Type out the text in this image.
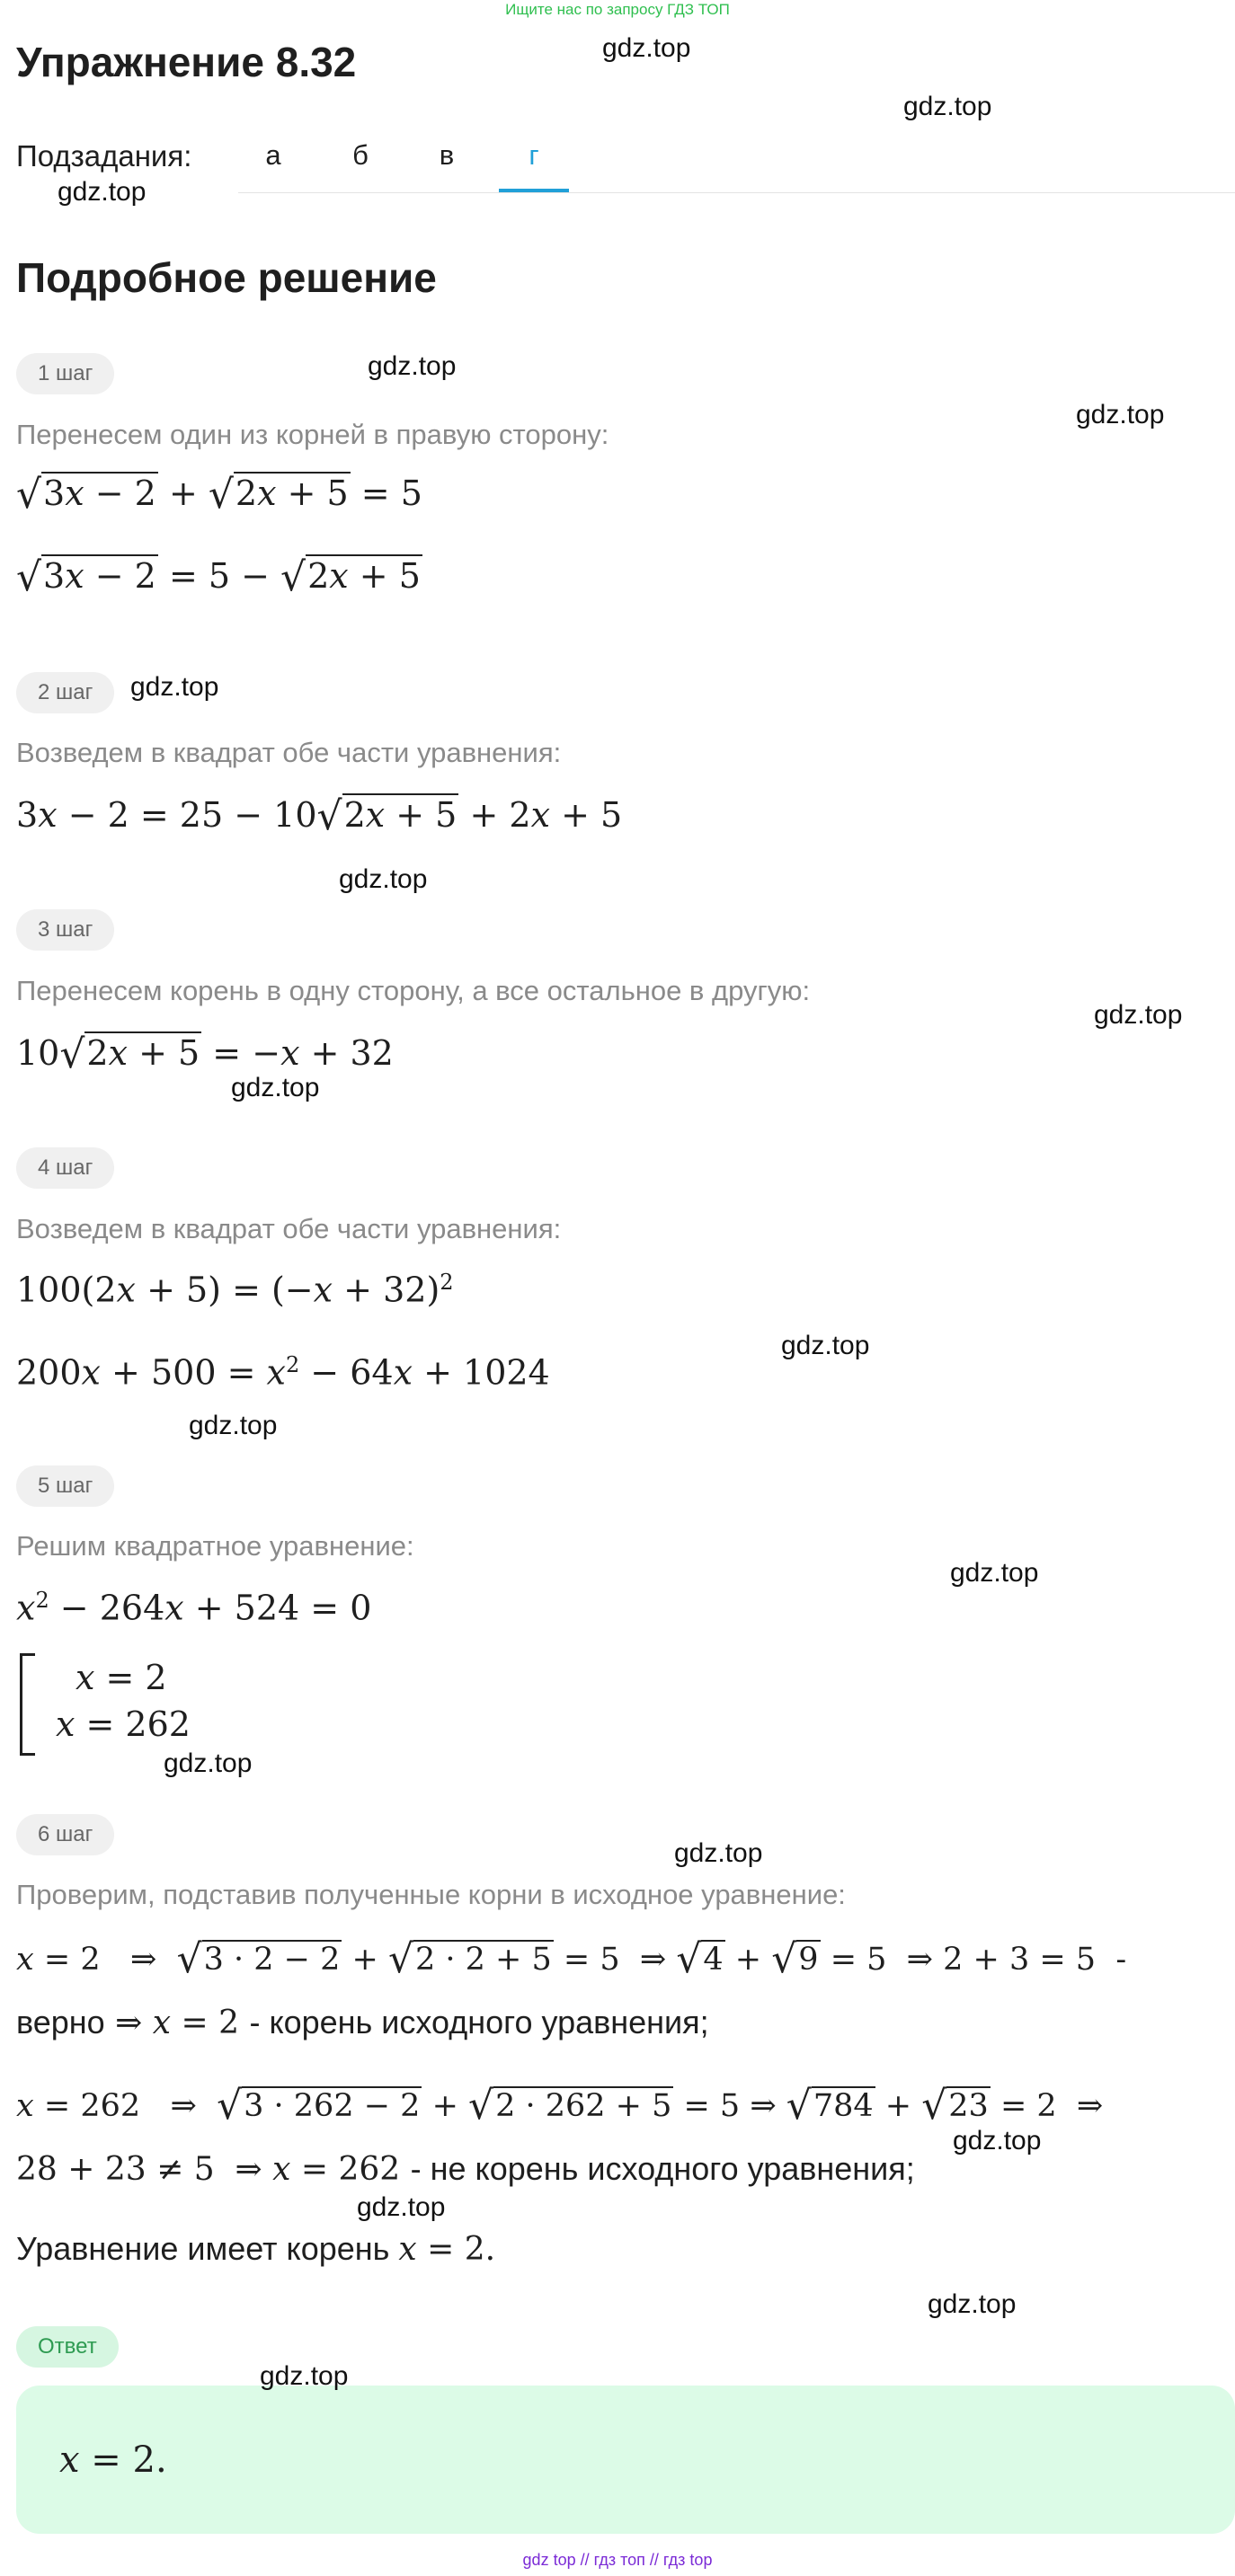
Ищите нас по запросу ГДЗ ТОП
Упражнение 8.32
Подзадания:	а	б	в	г
Подробное решение
1 шаг
Перенесем один из корней в правую сторону:
√3x − 2 + √2x + 5 = 5
√3x − 2 = 5 − √2x + 5
2 шаг
Возведем в квадрат обе части уравнения:
3x − 2 = 25 − 10√2x + 5 + 2x + 5
3 шаг
Перенесем корень в одну сторону, а все остальное в другую:
10√2x + 5 = −x + 32
4 шаг
Возведем в квадрат обе части уравнения:
$100(2x + 5) = (-x + 32)^2$
$200x + 500 = x^2 - 64x + 1024$
5 шаг
Решим квадратное уравнение:
$x^2 - 264x + 524 = 0$
x = 2
x = 262
6 шаг
Проверим, подставив полученные корни в исходное уравнение:
x = 2   ⇒  √3 · 2 − 2 + √2 · 2 + 5 = 5  ⇒ √4 + √9 = 5  ⇒ 2 + 3 = 5  -
верно ⇒ x = 2 - корень исходного уравнения;
x = 262   ⇒  √3 · 262 − 2 + √2 · 262 + 5 = 5 ⇒ √784 + √23 = 2  ⇒
28 + 23 ≠ 5  ⇒ x = 262 - не корень исходного уравнения;
Уравнение имеет корень x = 2.
Ответ
x = 2.
gdz.top
gdz.top
gdz.top
gdz.top
gdz.top
gdz.top
gdz.top
gdz.top
gdz.top
gdz.top
gdz.top
gdz.top
gdz.top
gdz.top
gdz.top
gdz.top
gdz.top
gdz.top
gdz top // гдз топ // гдз top
